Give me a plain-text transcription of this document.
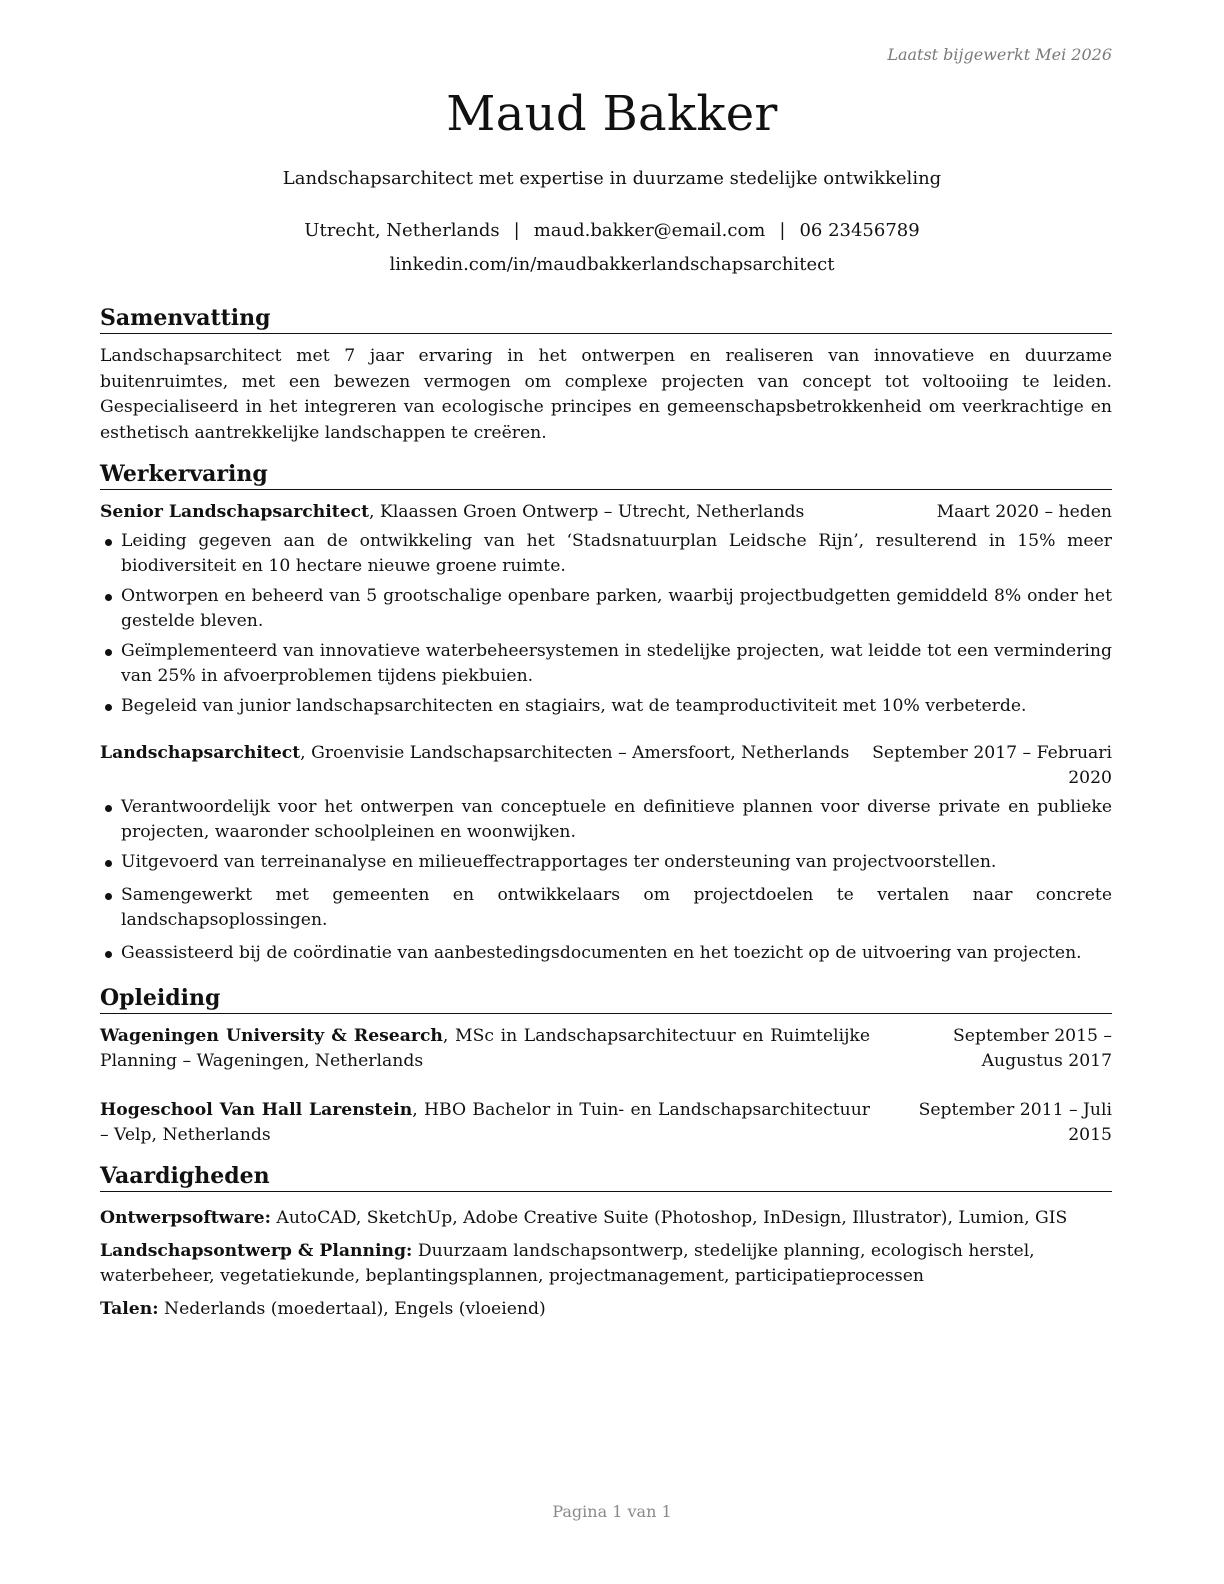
Laatst bijgewerkt Mei 2026
Maud Bakker
Landschapsarchitect met expertise in duurzame stedelijke ontwikkeling
Utrecht, Netherlands | maud.bakker@email.com | 06 23456789
linkedin.com/in/maudbakkerlandschapsarchitect
Samenvatting
Landschapsarchitect met 7 jaar ervaring in het ontwerpen en realiseren van innovatieve en duurzame buitenruimtes, met een bewezen vermogen om complexe projecten van concept tot voltooiing te leiden. Gespecialiseerd in het integreren van ecologische principes en gemeenschapsbetrokkenheid om veerkrachtige en esthetisch aantrekkelijke landschappen te creëren.
Werkervaring
Senior Landschapsarchitect, Klaassen Groen Ontwerp – Utrecht, Netherlands	Maart 2020 – heden
Leiding gegeven aan de ontwikkeling van het ‘Stadsnatuurplan Leidsche Rijn’, resulterend in 15% meer biodiversiteit en 10 hectare nieuwe groene ruimte.
Ontworpen en beheerd van 5 grootschalige openbare parken, waarbij projectbudgetten gemiddeld 8% onder het gestelde bleven.
Geïmplementeerd van innovatieve waterbeheersystemen in stedelijke projecten, wat leidde tot een vermindering van 25% in afvoerproblemen tijdens piekbuien.
Begeleid van junior landschapsarchitecten en stagiairs, wat de teamproductiviteit met 10% verbeterde.
Landschapsarchitect, Groenvisie Landschapsarchitecten – Amersfoort, Netherlands	September 2017 – Februari 2020
Verantwoordelijk voor het ontwerpen van conceptuele en definitieve plannen voor diverse private en publieke projecten, waaronder schoolpleinen en woonwijken.
Uitgevoerd van terreinanalyse en milieueffectrapportages ter ondersteuning van projectvoorstellen.
Samengewerkt met gemeenten en ontwikkelaars om projectdoelen te vertalen naar concrete landschapsoplossingen.
Geassisteerd bij de coördinatie van aanbestedingsdocumenten en het toezicht op de uitvoering van projecten.
Opleiding
Wageningen University & Research, MSc in Landschapsarchitectuur en Ruimtelijke Planning – Wageningen, Netherlands
September 2015 – Augustus 2017
Hogeschool Van Hall Larenstein, HBO Bachelor in Tuin- en Landschapsarchitectuur – Velp, Netherlands
September 2011 – Juli 2015
Vaardigheden
Ontwerpsoftware: AutoCAD, SketchUp, Adobe Creative Suite (Photoshop, InDesign, Illustrator), Lumion, GIS
Landschapsontwerp & Planning: Duurzaam landschapsontwerp, stedelijke planning, ecologisch herstel, waterbeheer, vegetatiekunde, beplantingsplannen, projectmanagement, participatieprocessen
Talen: Nederlands (moedertaal), Engels (vloeiend)
Pagina 1 van 1
